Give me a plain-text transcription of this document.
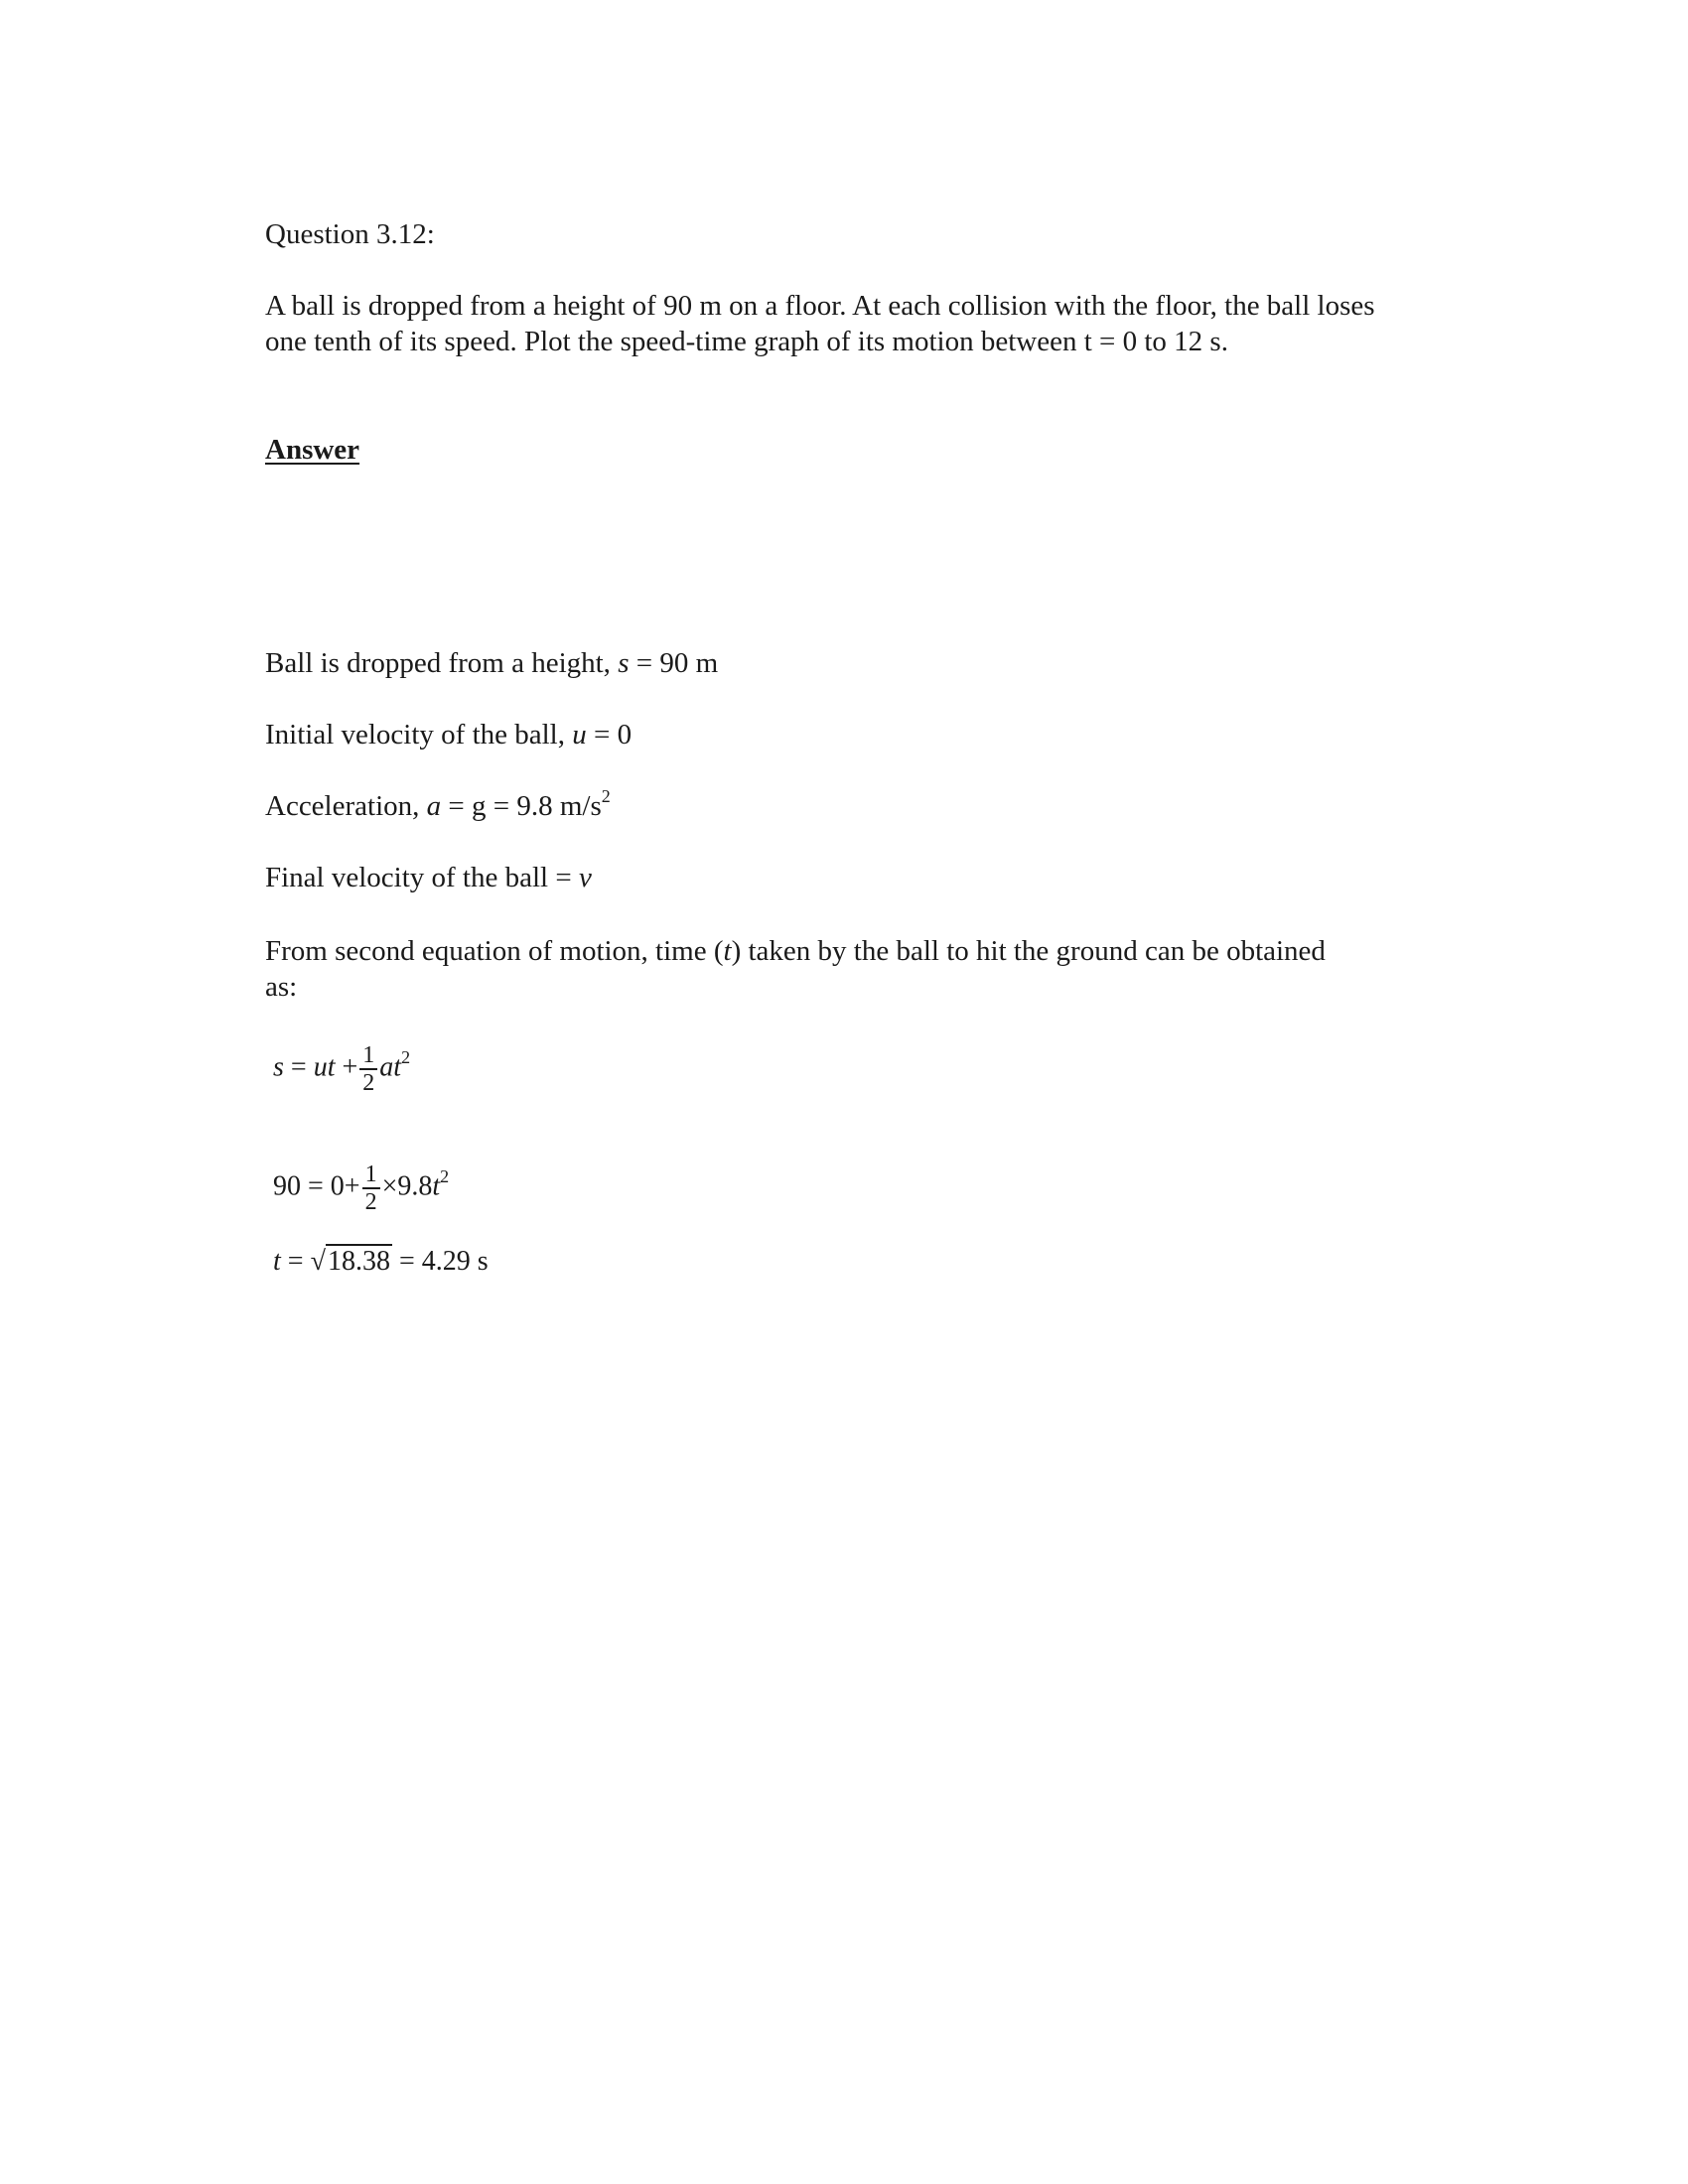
Question 3.12:
A ball is dropped from a height of 90 m on a floor. At each collision with the floor, the ball loses one tenth of its speed. Plot the speed-time graph of its motion between t = 0 to 12 s.
Answer
Ball is dropped from a height, s = 90 m
Initial velocity of the ball, u = 0
Acceleration, a = g = 9.8 $m/s^2$
Final velocity of the ball = v
From second equation of motion, time (t) taken by the ball to hit the ground can be obtained as:
s = ut + $\frac{1}{2} at^2$
$90 = 0+ \frac{1}{2} \times 9.8t^2$
t = √18.38 = 4.29 s
